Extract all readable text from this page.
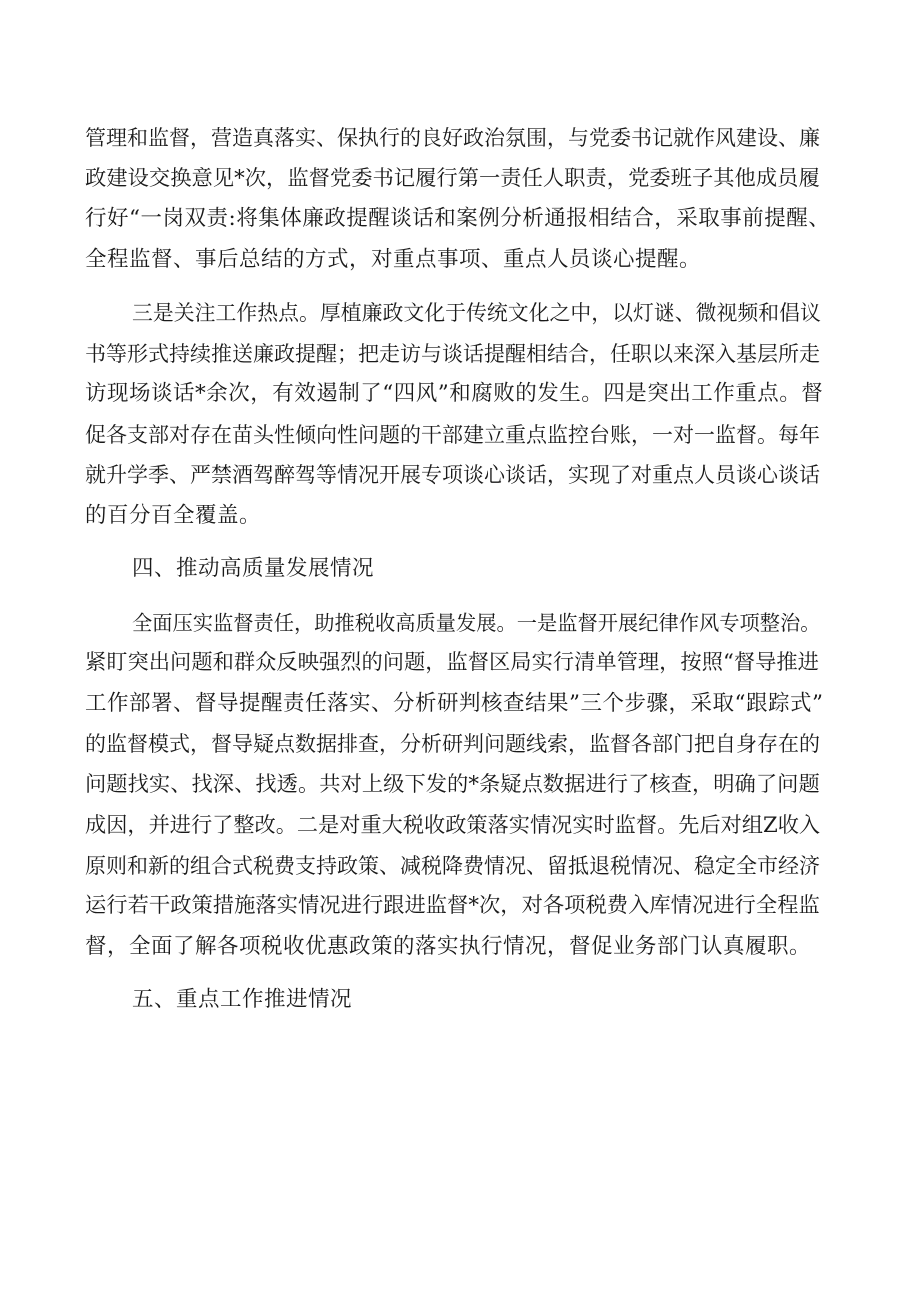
管理和监督，营造真落实、保执行的良好政治氛围，与党委书记就作风建设、廉
政建设交换意见*次，监督党委书记履行第一责任人职责，党委班子其他成员履
行好“一岗双责:将集体廉政提醒谈话和案例分析通报相结合，采取事前提醒、
全程监督、事后总结的方式，对重点事项、重点人员谈心提醒。
三是关注工作热点。厚植廉政文化于传统文化之中，以灯谜、微视频和倡议
书等形式持续推送廉政提醒；把走访与谈话提醒相结合，任职以来深入基层所走
访现场谈话*余次，有效遏制了“四风”和腐败的发生。四是突出工作重点。督
促各支部对存在苗头性倾向性问题的干部建立重点监控台账，一对一监督。每年
就升学季、严禁酒驾醉驾等情况开展专项谈心谈话，实现了对重点人员谈心谈话
的百分百全覆盖。
四、推动高质量发展情况
全面压实监督责任，助推税收高质量发展。一是监督开展纪律作风专项整治。
紧盯突出问题和群众反映强烈的问题，监督区局实行清单管理，按照“督导推进
工作部署、督导提醒责任落实、分析研判核查结果”三个步骤，采取“跟踪式”
的监督模式，督导疑点数据排查，分析研判问题线索，监督各部门把自身存在的
问题找实、找深、找透。共对上级下发的*条疑点数据进行了核查，明确了问题
成因，并进行了整改。二是对重大税收政策落实情况实时监督。先后对组Z收入
原则和新的组合式税费支持政策、减税降费情况、留抵退税情况、稳定全市经济
运行若干政策措施落实情况进行跟进监督*次，对各项税费入库情况进行全程监
督，全面了解各项税收优惠政策的落实执行情况，督促业务部门认真履职。
五、重点工作推进情况
